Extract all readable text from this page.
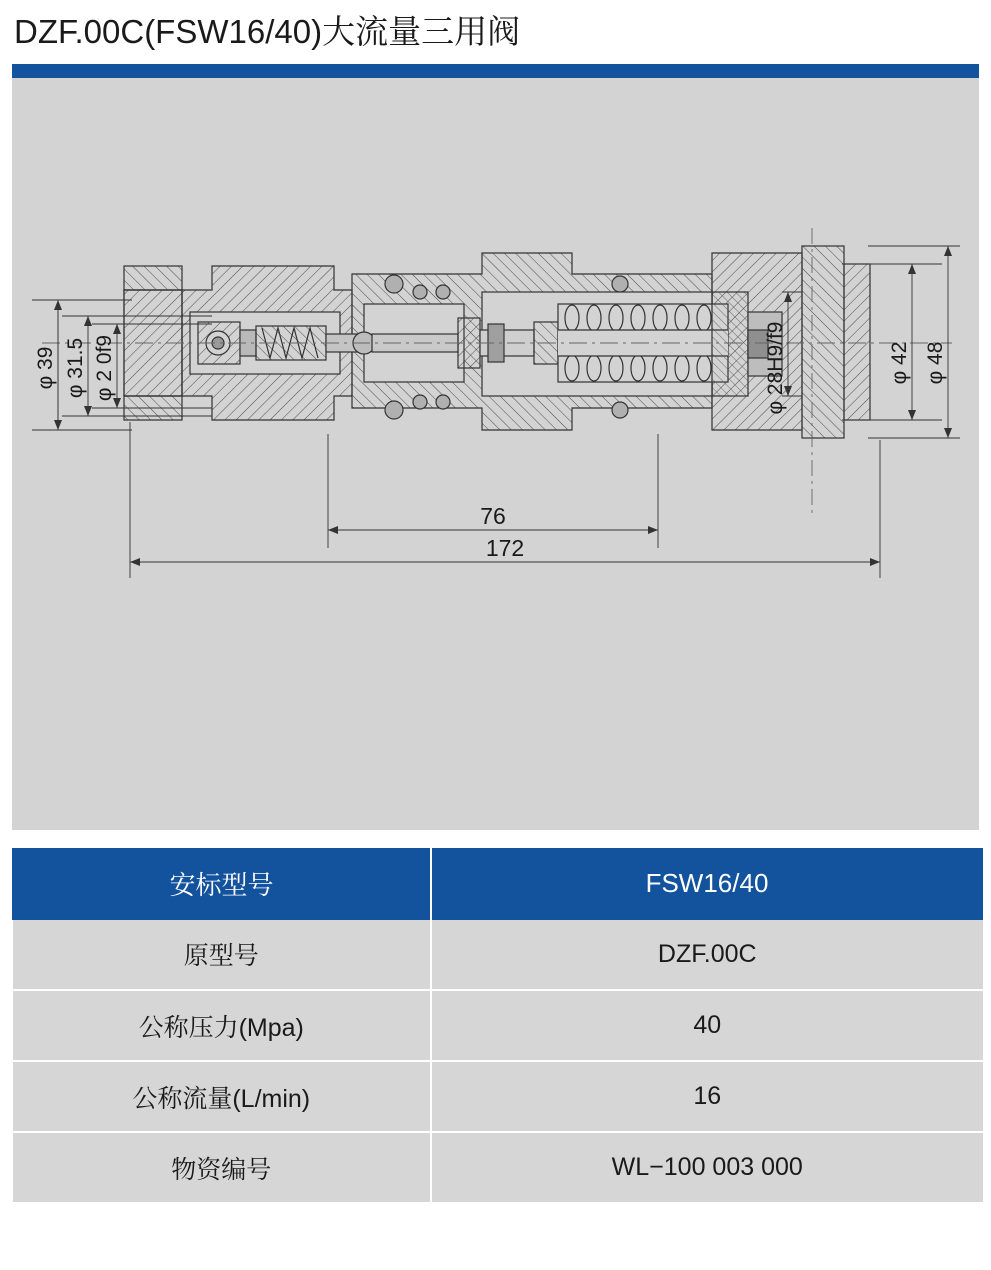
DZF.00C(FSW16/40)大流量三用阀
φ 39 φ 31.5 φ 2 0f9	φ 28H9/f9	φ 42 φ 48
76
172
安标型号	FSW16/40
原型号	DZF.00C
公称压力(Mpa)	40
公称流量(L/min)	16
物资编号	WL−100 003 000
